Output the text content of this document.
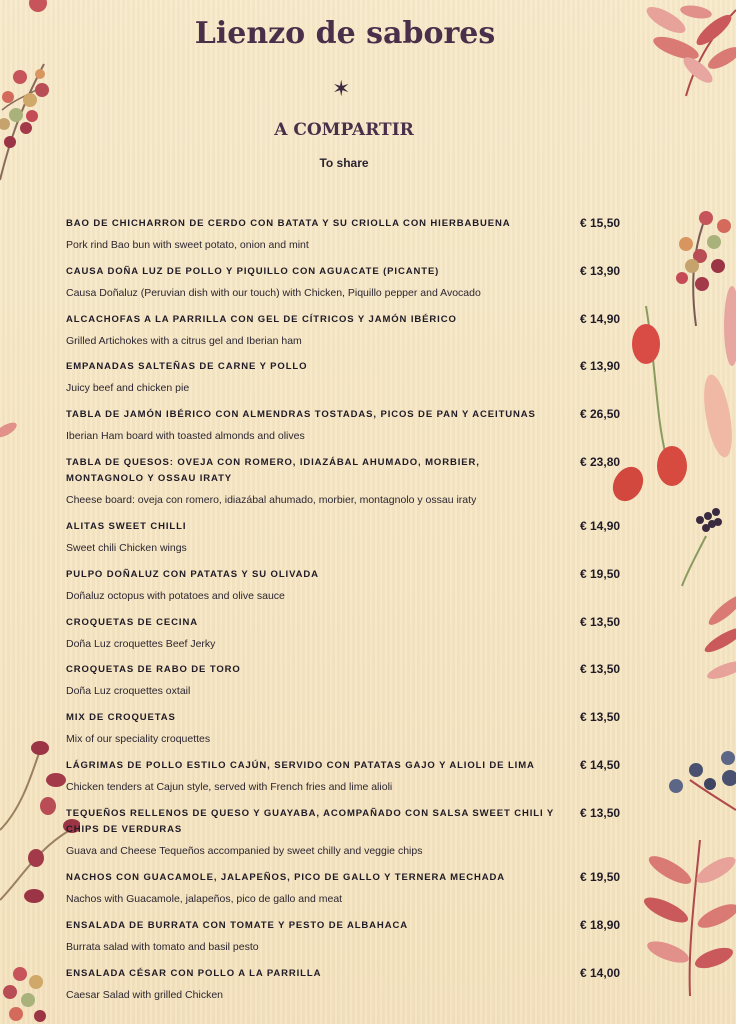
Lienzo de sabores
✶
A COMPARTIR
To share
BAO DE CHICHARRON DE CERDO CON BATATA Y SU CRIOLLA CON HIERBABUENA
Pork rind Bao bun with sweet potato, onion and mint
€ 15,50
CAUSA DOÑA LUZ DE POLLO Y PIQUILLO CON AGUACATE (PICANTE)
Causa Doñaluz (Peruvian dish with our touch) with Chicken, Piquillo pepper and Avocado
€ 13,90
ALCACHOFAS A LA PARRILLA CON GEL DE CÍTRICOS Y JAMÓN IBÉRICO
Grilled Artichokes with a citrus gel and Iberian ham
€ 14,90
EMPANADAS SALTEÑAS DE CARNE Y POLLO
Juicy beef and chicken pie
€ 13,90
TABLA DE JAMÓN IBÉRICO CON ALMENDRAS TOSTADAS, PICOS DE PAN Y ACEITUNAS
Iberian Ham board with toasted almonds and olives
€ 26,50
TABLA DE QUESOS: OVEJA CON ROMERO, IDIAZÁBAL AHUMADO, MORBIER, MONTAGNOLO Y OSSAU IRATY
Cheese board: oveja con romero, idiazábal ahumado, morbier, montagnolo y ossau iraty
€ 23,80
ALITAS SWEET CHILLI
Sweet chili Chicken wings
€ 14,90
PULPO DOÑALUZ CON PATATAS Y SU OLIVADA
Doñaluz octopus with potatoes and olive sauce
€ 19,50
CROQUETAS DE CECINA
Doña Luz croquettes Beef Jerky
€ 13,50
CROQUETAS DE RABO DE TORO
Doña Luz croquettes oxtail
€ 13,50
MIX DE CROQUETAS
Mix of our speciality croquettes
€ 13,50
LÁGRIMAS DE POLLO ESTILO CAJÚN, SERVIDO CON PATATAS GAJO Y ALIOLI DE LIMA
Chicken tenders at Cajun style, served with French fries and lime alioli
€ 14,50
TEQUEÑOS RELLENOS DE QUESO Y GUAYABA, ACOMPAÑADO CON SALSA SWEET CHILI Y CHIPS DE VERDURAS
Guava and Cheese Tequeños accompanied by sweet chilly and veggie chips
€ 13,50
NACHOS CON GUACAMOLE, JALAPEÑOS, PICO DE GALLO Y TERNERA MECHADA
Nachos with Guacamole, jalapeños, pico de gallo and meat
€ 19,50
ENSALADA DE BURRATA CON TOMATE Y PESTO DE ALBAHACA
Burrata salad with tomato and basil pesto
€ 18,90
ENSALADA CÉSAR CON POLLO A LA PARRILLA
Caesar Salad with grilled Chicken
€ 14,00
